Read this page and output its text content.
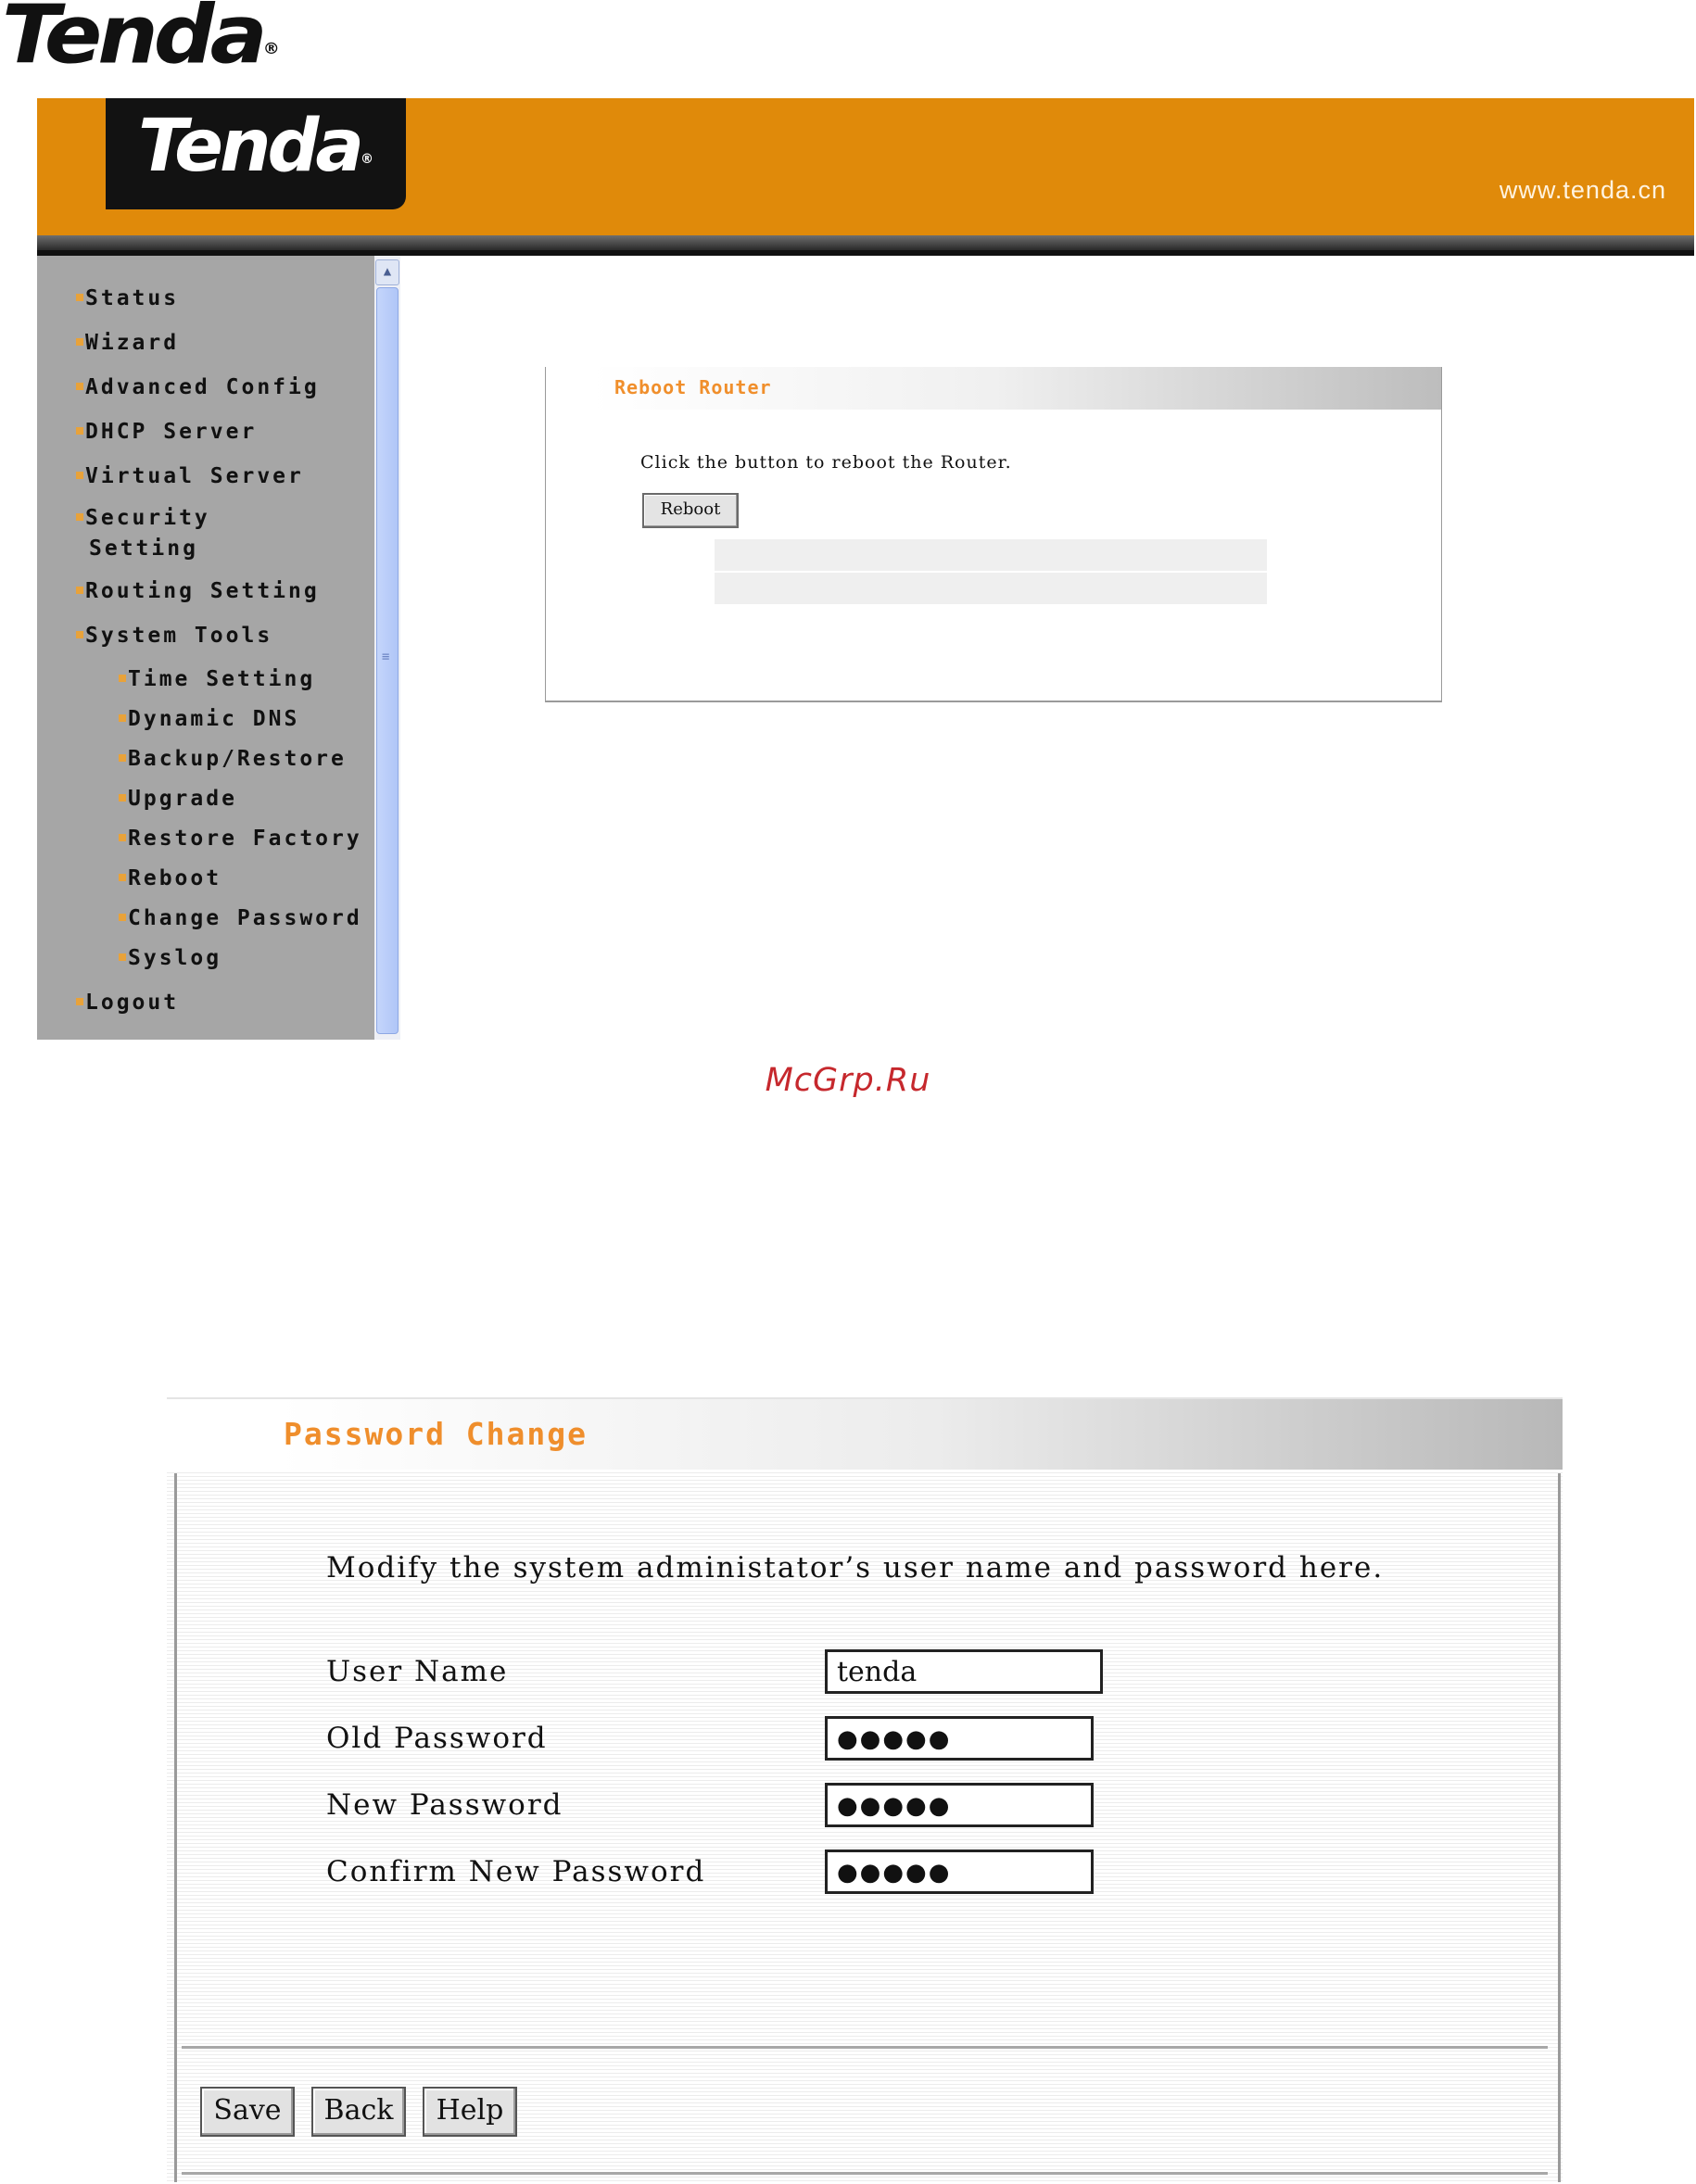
Tenda®
Tenda®
www.tenda.cn
Status
Wizard
Advanced Config
DHCP Server
Virtual Server
Security
Setting
Routing Setting
System Tools
Time Setting
Dynamic DNS
Backup/Restore
Upgrade
Restore Factory
Reboot
Change Password
Syslog
Logout
▲
≡
Reboot Router
Click the button to reboot the Router.
Reboot
McGrp.Ru
Password Change
Modify the system administator’s user name and password here.
User Name	tenda
Old Password	●●●●●
New Password	●●●●●
Confirm New Password	●●●●●
Save	Back	Help
